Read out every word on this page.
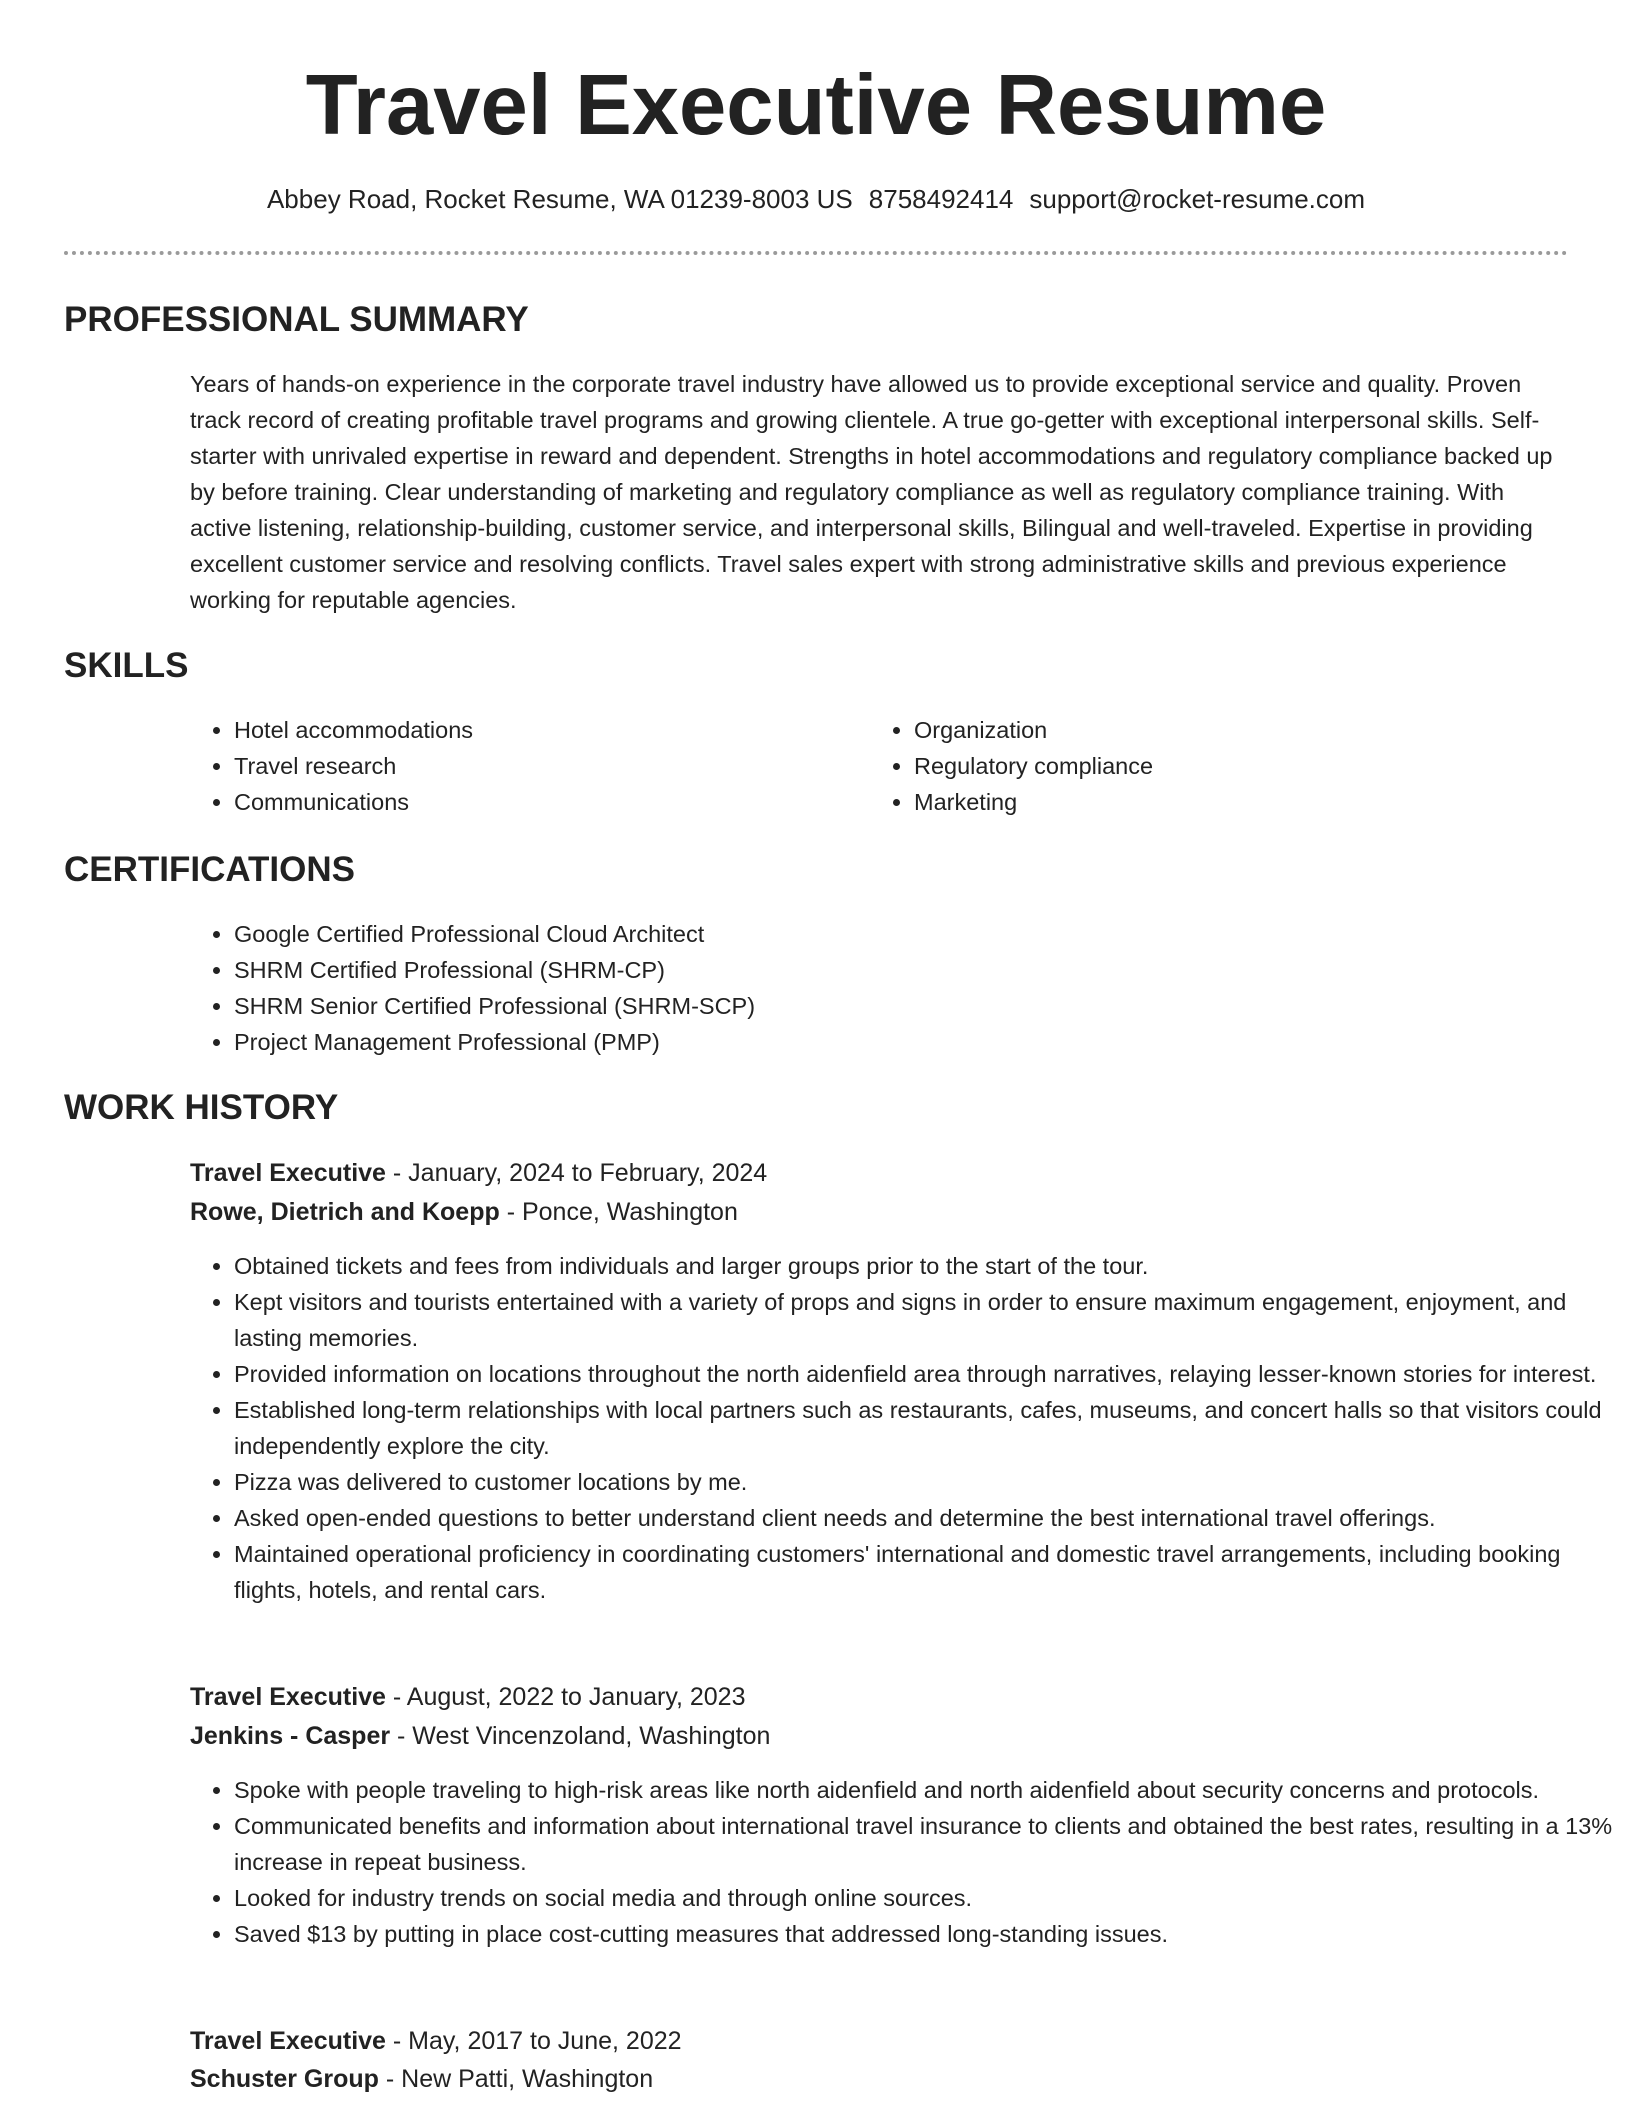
Travel Executive Resume
Abbey Road, Rocket Resume, WA 01239-8003 US 8758492414 support@rocket-resume.com
PROFESSIONAL SUMMARY

Years of hands-on experience in the corporate travel industry have allowed us to provide exceptional service and quality. Proven track record of creating profitable travel programs and growing clientele. A true go-getter with exceptional interpersonal skills. Self-starter with unrivaled expertise in reward and dependent. Strengths in hotel accommodations and regulatory compliance backed up by before training. Clear understanding of marketing and regulatory compliance as well as regulatory compliance training. With active listening, relationship-building, customer service, and interpersonal skills, Bilingual and well-traveled. Expertise in providing excellent customer service and resolving conflicts. Travel sales expert with strong administrative skills and previous experience working for reputable agencies.

SKILLS
• Hotel accommodations
• Travel research
• Communications
• Organization
• Regulatory compliance
• Marketing
CERTIFICATIONS
• Google Certified Professional Cloud Architect
• SHRM Certified Professional (SHRM-CP)
• SHRM Senior Certified Professional (SHRM-SCP)
• Project Management Professional (PMP)
WORK HISTORY

Travel Executive - January, 2024 to February, 2024

Rowe, Dietrich and Koepp - Ponce, Washington

• Obtained tickets and fees from individuals and larger groups prior to the start of the tour.
• Kept visitors and tourists entertained with a variety of props and signs in order to ensure maximum engagement, enjoyment, and lasting memories.
• Provided information on locations throughout the north aidenfield area through narratives, relaying lesser-known stories for interest.
• Established long-term relationships with local partners such as restaurants, cafes, museums, and concert halls so that visitors could independently explore the city.
• Pizza was delivered to customer locations by me.
• Asked open-ended questions to better understand client needs and determine the best international travel offerings.
• Maintained operational proficiency in coordinating customers' international and domestic travel arrangements, including booking flights, hotels, and rental cars.

Travel Executive - August, 2022 to January, 2023

Jenkins - Casper - West Vincenzoland, Washington

• Spoke with people traveling to high-risk areas like north aidenfield and north aidenfield about security concerns and protocols.
• Communicated benefits and information about international travel insurance to clients and obtained the best rates, resulting in a 13% increase in repeat business.
• Looked for industry trends on social media and through online sources.
• Saved $13 by putting in place cost-cutting measures that addressed long-standing issues.

Travel Executive - May, 2017 to June, 2022

Schuster Group - New Patti, Washington
